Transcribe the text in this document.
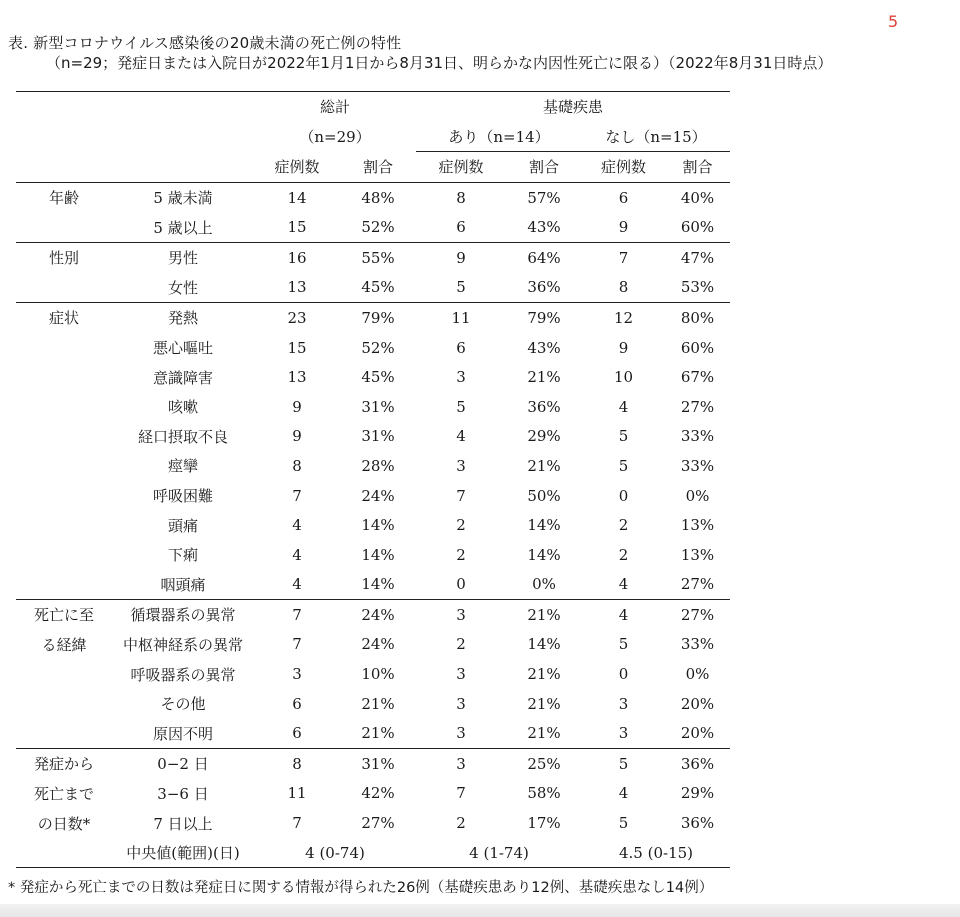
5
表. 新型コロナウイルス感染後の20歳未満の死亡例の特性
（n=29；発症日または入院日が2022年1月1日から8月31日、明らかな内因性死亡に限る）（2022年8月31日時点）
		総計		基礎疾患			
		（n=29）		あり（n=14）		なし（n=15）	
		症例数	割合	症例数	割合	症例数	割合
年齢	5 歳未満	14	48%	8	57%	6	40%
	5 歳以上	15	52%	6	43%	9	60%
性別	男性	16	55%	9	64%	7	47%
	女性	13	45%	5	36%	8	53%
症状	発熱	23	79%	11	79%	12	80%
	悪心嘔吐	15	52%	6	43%	9	60%
	意識障害	13	45%	3	21%	10	67%
	咳嗽	9	31%	5	36%	4	27%
	経口摂取不良	9	31%	4	29%	5	33%
	痙攣	8	28%	3	21%	5	33%
	呼吸困難	7	24%	7	50%	0	0%
	頭痛	4	14%	2	14%	2	13%
	下痢	4	14%	2	14%	2	13%
	咽頭痛	4	14%	0	0%	4	27%
死亡に至	循環器系の異常	7	24%	3	21%	4	27%
る経緯	中枢神経系の異常	7	24%	2	14%	5	33%
	呼吸器系の異常	3	10%	3	21%	0	0%
	その他	6	21%	3	21%	3	20%
	原因不明	6	21%	3	21%	3	20%
発症から	0−2 日	8	31%	3	25%	5	36%
死亡まで	3−6 日	11	42%	7	58%	4	29%
の日数*	7 日以上	7	27%	2	17%	5	36%
	中央値(範囲)(日)	4 (0-74)		4 (1-74)		4.5 (0-15)	
* 発症から死亡までの日数は発症日に関する情報が得られた26例（基礎疾患あり12例、基礎疾患なし14例）
